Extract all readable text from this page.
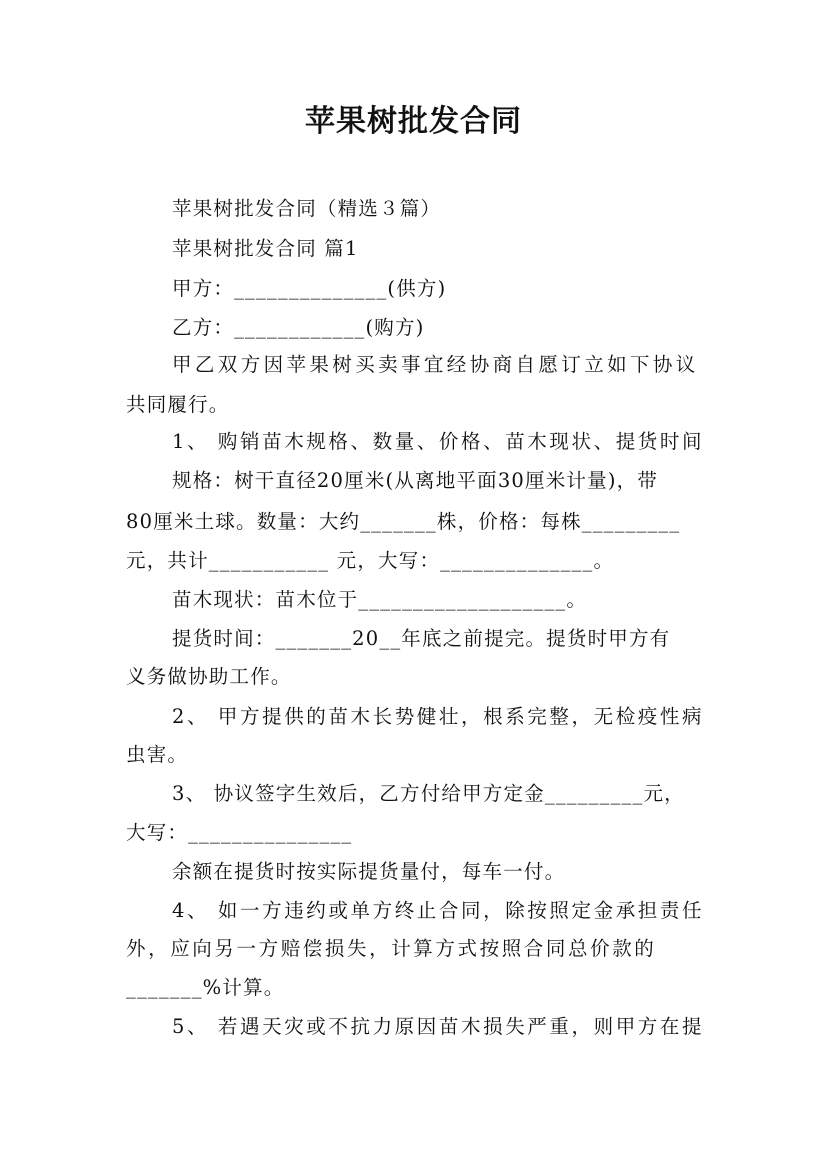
苹果树批发合同
苹果树批发合同（精选３篇）
苹果树批发合同 篇1
甲方：______________(供方)
乙方：____________(购方)
甲乙双方因苹果树买卖事宜经协商自愿订立如下协议
共同履行。
1、 购销苗木规格、数量、价格、苗木现状、提货时间
规格：树干直径20厘米(从离地平面30厘米计量)，带
80厘米土球。数量：大约_______株，价格：每株_________
元，共计___________ 元，大写：______________。
苗木现状：苗木位于___________________。
提货时间：_______20__年底之前提完。提货时甲方有
义务做协助工作。
2、 甲方提供的苗木长势健壮，根系完整，无检疫性病
虫害。
3、 协议签字生效后，乙方付给甲方定金_________元，
大写：_______________
余额在提货时按实际提货量付，每车一付。
4、 如一方违约或单方终止合同，除按照定金承担责任
外，应向另一方赔偿损失，计算方式按照合同总价款的
_______%计算。
5、 若遇天灾或不抗力原因苗木损失严重，则甲方在提
